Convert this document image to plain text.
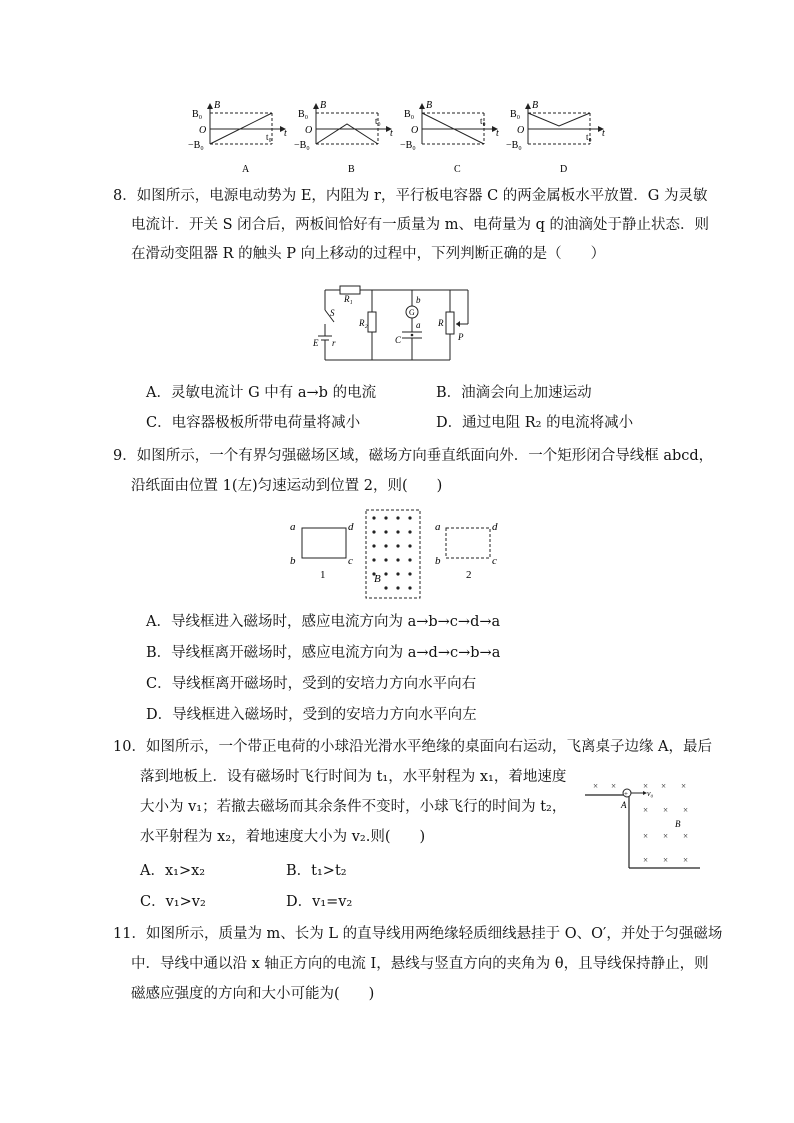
B₀
B
O
−B₀
t
t₀
A
B₀
B
O
−B₀
t
t₀
B
B₀
B
O
−B₀
t
t₀
C
B₀
B
O
−B₀
t
t₀
D
8．如图所示，电源电动势为 E，内阻为 r，平行板电容器 C 的两金属板水平放置．G 为灵敏
电流计．开关 S 闭合后，两板间恰好有一质量为 m、电荷量为 q 的油滴处于静止状态．则
在滑动变阻器 R 的触头 P 向上移动的过程中，下列判断正确的是（　　）
R₁
S
E r
R₂
G
b
a
C
R
P
A．灵敏电流计 G 中有 a→b 的电流	B．油滴会向上加速运动
C．电容器极板所带电荷量将减小	D．通过电阻 R₂ 的电流将减小
9．如图所示，一个有界匀强磁场区域，磁场方向垂直纸面向外．一个矩形闭合导线框 abcd，
沿纸面由位置 1(左)匀速运动到位置 2，则(　　)
a
b	c
d
1	B
a
b	c
d
2
A．导线框进入磁场时，感应电流方向为 a→b→c→d→a
B．导线框离开磁场时，感应电流方向为 a→d→c→b→a
C．导线框离开磁场时，受到的安培力方向水平向右
D．导线框进入磁场时，受到的安培力方向水平向左
10．如图所示，一个带正电荷的小球沿光滑水平绝缘的桌面向右运动，飞离桌子边缘 A，最后
落到地板上．设有磁场时飞行时间为 t₁，水平射程为 x₁，着地速度
大小为 v₁；若撤去磁场而其余条件不变时，小球飞行的时间为 t₂，
水平射程为 x₂，着地速度大小为 v₂.则(　　)
+ v₀
A
B
× ×	× × ×
× × ×
× × ×
× × ×
A．x₁>x₂	B．t₁>t₂
C．v₁>v₂	D．v₁=v₂
11．如图所示，质量为 m、长为 L 的直导线用两绝缘轻质细线悬挂于 O、O′，并处于匀强磁场
中．导线中通以沿 x 轴正方向的电流 I，悬线与竖直方向的夹角为 θ，且导线保持静止，则
磁感应强度的方向和大小可能为(　　)
